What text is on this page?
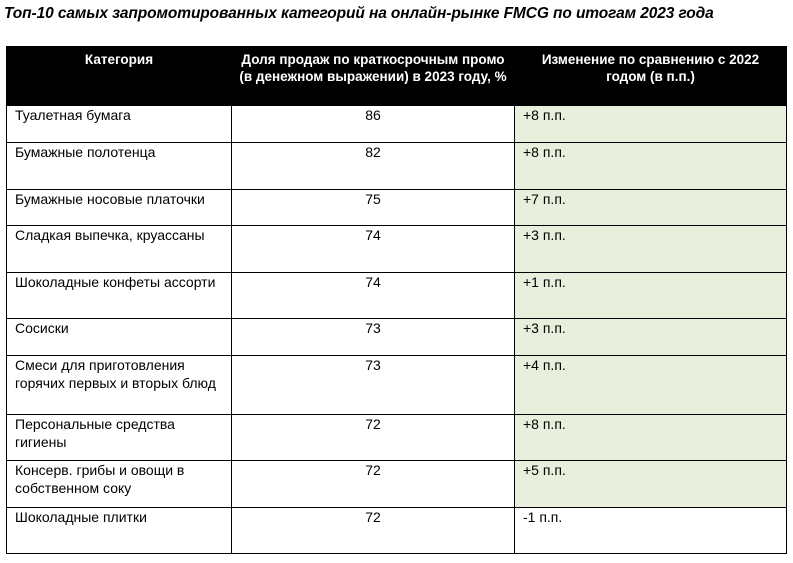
Топ-10 самых запромотированных категорий на онлайн-рынке FMCG по итогам 2023 года
Категория	Доля продаж по краткосрочным промо (в денежном выражении) в 2023 году, %	Изменение по сравнению с 2022 годом (в п.п.)
Туалетная бумага	86	+8 п.п.
Бумажные полотенца	82	+8 п.п.
Бумажные носовые платочки	75	+7 п.п.
Сладкая выпечка, круассаны	74	+3 п.п.
Шоколадные конфеты ассорти	74	+1 п.п.
Сосиски	73	+3 п.п.
Смеси для приготовления горячих первых и вторых блюд	73	+4 п.п.
Персональные средства гигиены	72	+8 п.п.
Консерв. грибы и овощи в собственном соку	72	+5 п.п.
Шоколадные плитки	72	-1 п.п.
